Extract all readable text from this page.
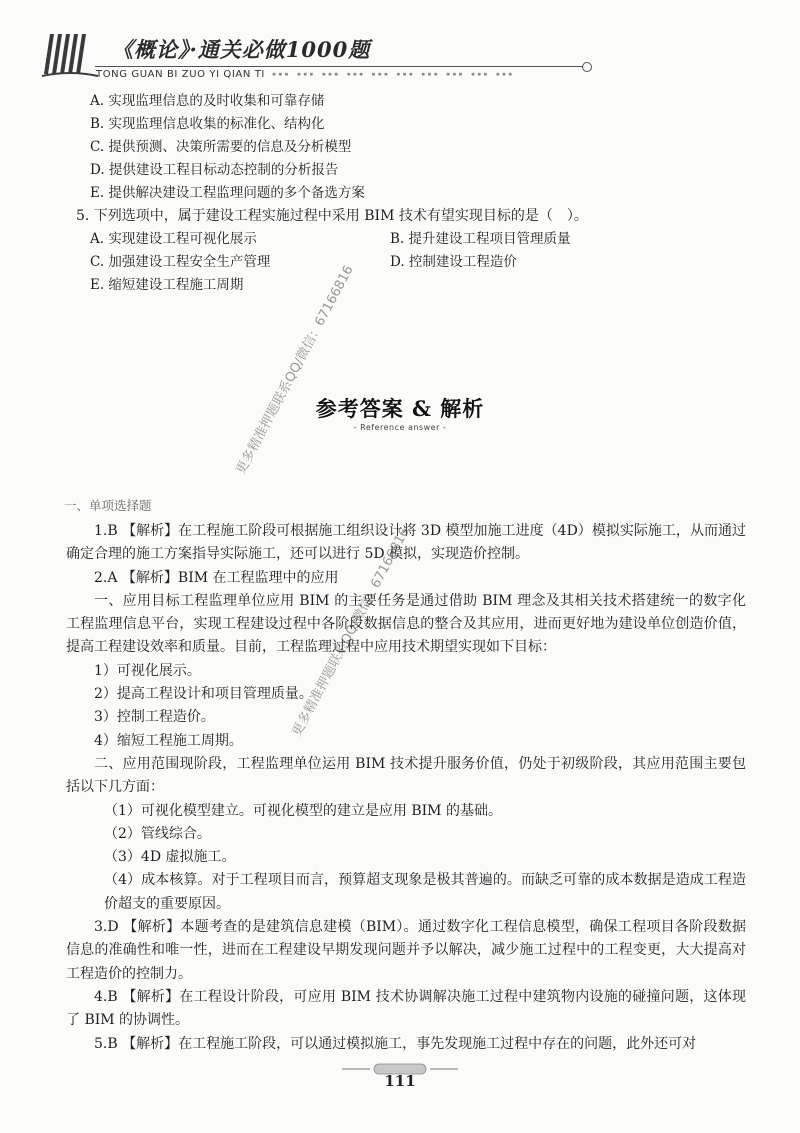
《概论》·通关必做1000题
TONG GUAN BI ZUO YI QIAN TI ▪▪▪ ▪▪▪ ▪▪▪ ▪▪▪ ▪▪▪ ▪▪▪ ▪▪▪ ▪▪▪ ▪▪▪ ▪▪▪
A. 实现监理信息的及时收集和可靠存储
B. 实现监理信息收集的标准化、结构化
C. 提供预测、决策所需要的信息及分析模型
D. 提供建设工程目标动态控制的分析报告
E. 提供解决建设工程监理问题的多个备选方案
5. 下列选项中，属于建设工程实施过程中采用 BIM 技术有望实现目标的是（　）。
A. 实现建设工程可视化展示	B. 提升建设工程项目管理质量
C. 加强建设工程安全生产管理	D. 控制建设工程造价
E. 缩短建设工程施工周期
参考答案 & 解析
- Reference answer -
一、单项选择题

1.B 【解析】在工程施工阶段可根据施工组织设计将 3D 模型加施工进度（4D）模拟实际施工，从而通过确定合理的施工方案指导实际施工，还可以进行 5D 模拟，实现造价控制。

2.A 【解析】BIM 在工程监理中的应用

一、应用目标工程监理单位应用 BIM 的主要任务是通过借助 BIM 理念及其相关技术搭建统一的数字化工程监理信息平台，实现工程建设过程中各阶段数据信息的整合及其应用，进而更好地为建设单位创造价值，提高工程建设效率和质量。目前，工程监理过程中应用技术期望实现如下目标：

1）可视化展示。

2）提高工程设计和项目管理质量。

3）控制工程造价。

4）缩短工程施工周期。

二、应用范围现阶段，工程监理单位运用 BIM 技术提升服务价值，仍处于初级阶段，其应用范围主要包括以下几方面：

（1）可视化模型建立。可视化模型的建立是应用 BIM 的基础。

（2）管线综合。

（3）4D 虚拟施工。

（4）成本核算。对于工程项目而言，预算超支现象是极其普遍的。而缺乏可靠的成本数据是造成工程造价超支的重要原因。

3.D 【解析】本题考查的是建筑信息建模（BIM）。通过数字化工程信息模型，确保工程项目各阶段数据信息的准确性和唯一性，进而在工程建设早期发现问题并予以解决，减少施工过程中的工程变更，大大提高对工程造价的控制力。

4.B 【解析】在工程设计阶段，可应用 BIM 技术协调解决施工过程中建筑物内设施的碰撞问题，这体现了 BIM 的协调性。

5.B 【解析】在工程施工阶段，可以通过模拟施工，事先发现施工过程中存在的问题，此外还可对

更多精准押题联系QQ/微信：67166816
更多精准押题联系QQ/微信：67166816
111
